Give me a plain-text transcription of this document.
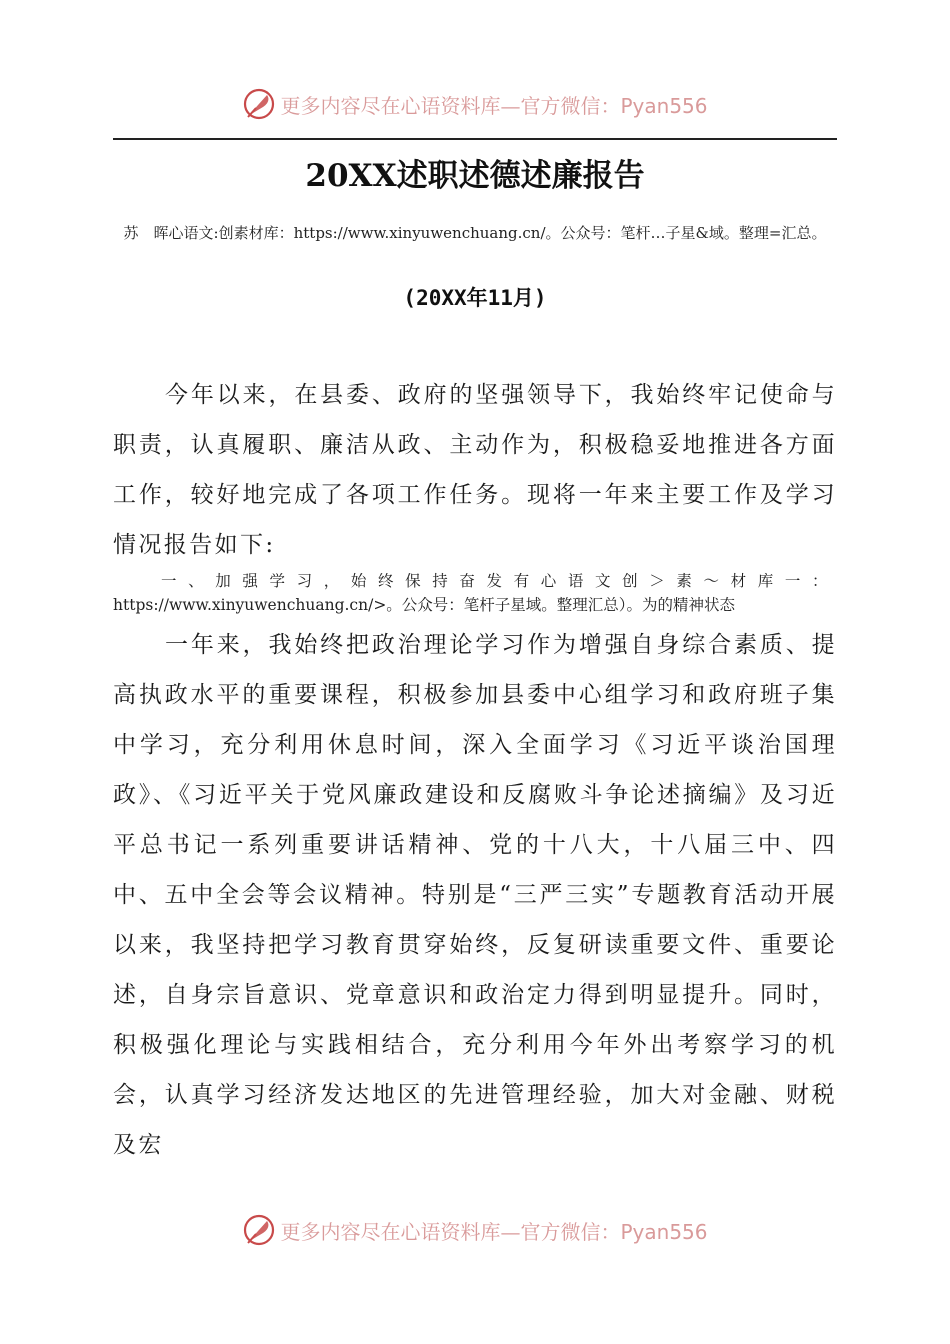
更多内容尽在心语资料库—官方微信：Pyan556
20XX述职述德述廉报告
苏　晖心语文:创素材库：https://www.xinyuwenchuang.cn/。公众号：笔杆…子星&域。整理=汇总。
(20XX年11月)

今年以来，在县委、政府的坚强领导下，我始终牢记使命与职责，认真履职、廉洁从政、主动作为，积极稳妥地推进各方面工作，较好地完成了各项工作任务。现将一年来主要工作及学习情况报告如下:

一、加强学习，始终保持奋发有心语文创＞素～材库一：https://www.xinyuwenchuang.cn/>。公众号：笔杆子星域。整理汇总）。为的精神状态

一年来，我始终把政治理论学习作为增强自身综合素质、提高执政水平的重要课程，积极参加县委中心组学习和政府班子集中学习，充分利用休息时间，深入全面学习《习近平谈治国理政》、《习近平关于党风廉政建设和反腐败斗争论述摘编》及习近平总书记一系列重要讲话精神、党的十八大，十八届三中、四中、五中全会等会议精神。特别是“三严三实”专题教育活动开展以来，我坚持把学习教育贯穿始终，反复研读重要文件、重要论述，自身宗旨意识、党章意识和政治定力得到明显提升。同时，积极强化理论与实践相结合，充分利用今年外出考察学习的机会，认真学习经济发达地区的先进管理经验，加大对金融、财税及宏

更多内容尽在心语资料库—官方微信：Pyan556
